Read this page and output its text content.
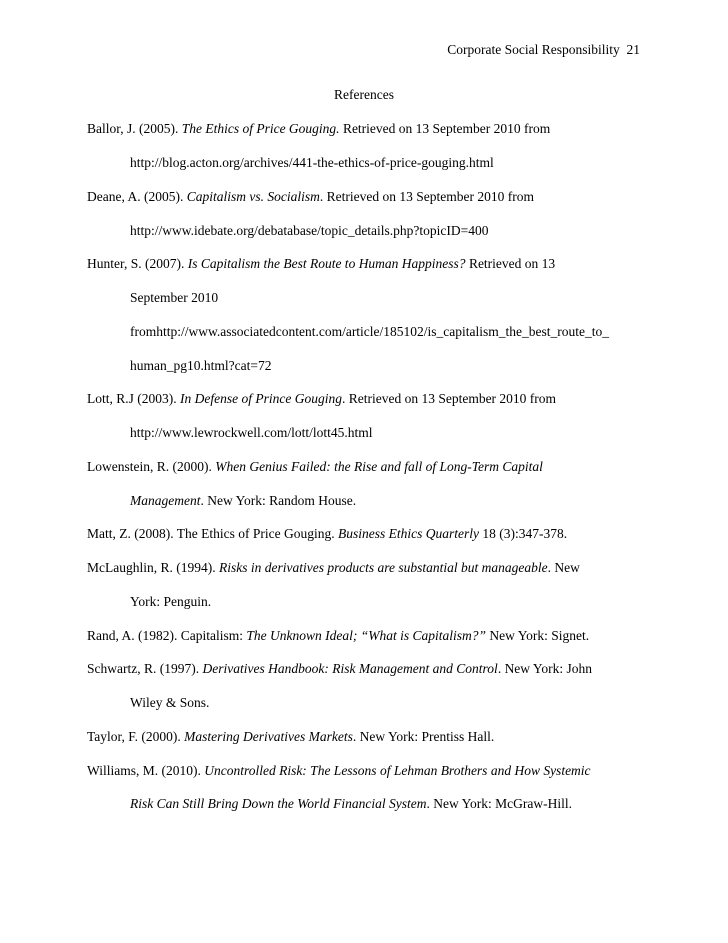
Corporate Social Responsibility 21
References
Ballor, J. (2005). The Ethics of Price Gouging. Retrieved on 13 September 2010 from
http://blog.acton.org/archives/441-the-ethics-of-price-gouging.html
Deane, A. (2005). Capitalism vs. Socialism. Retrieved on 13 September 2010 from
http://www.idebate.org/debatabase/topic_details.php?topicID=400
Hunter, S. (2007). Is Capitalism the Best Route to Human Happiness? Retrieved on 13
September 2010
fromhttp://www.associatedcontent.com/article/185102/is_capitalism_the_best_route_to_
human_pg10.html?cat=72
Lott, R.J (2003). In Defense of Prince Gouging. Retrieved on 13 September 2010 from
http://www.lewrockwell.com/lott/lott45.html
Lowenstein, R. (2000). When Genius Failed: the Rise and fall of Long-Term Capital
Management. New York: Random House.
Matt, Z. (2008). The Ethics of Price Gouging. Business Ethics Quarterly 18 (3):347-378.
McLaughlin, R. (1994). Risks in derivatives products are substantial but manageable. New
York: Penguin.
Rand, A. (1982). Capitalism: The Unknown Ideal; “What is Capitalism?” New York: Signet.
Schwartz, R. (1997). Derivatives Handbook: Risk Management and Control. New York: John
Wiley & Sons.
Taylor, F. (2000). Mastering Derivatives Markets. New York: Prentiss Hall.
Williams, M. (2010). Uncontrolled Risk: The Lessons of Lehman Brothers and How Systemic
Risk Can Still Bring Down the World Financial System. New York: McGraw-Hill.
